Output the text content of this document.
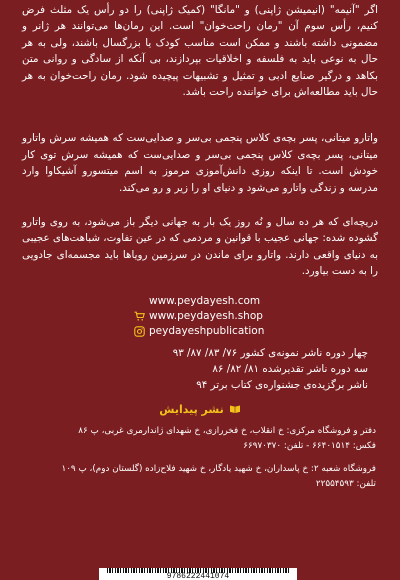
اگر "آنیمه" (انیمیشن ژاپنی) و "مانگا" (کمیک ژاپنی) را دو رأس یک مثلث فرض کنیم، رأس سوم آن "رمان راحت‌خوان" است. این رمان‌ها می‌توانند هر ژانر و مضمونی داشته باشند و ممکن است مناسب کودک یا بزرگسال باشند، ولی به هر حال به نوعی باید به فلسفه و اخلاقیات بپردازند، بی آنکه از سادگی و روانی متن بکاهد و درگیر صنایع ادبی و تمثیل و تشبیهات پیچیده شود. رمان راحت‌خوان به هر حال باید مطالعه‌اش برای خواننده راحت باشد.

واتارو میتانی، پسر بچه‌ی کلاس پنجمی بی‌سر و صدایی‌ست که همیشه سرش واتارو میتانی، پسر بچه‌ی کلاس پنجمی بی‌سر و صدایی‌ست که همیشه سرش توی کار خودش است. تا اینکه روزی دانش‌آموزی مرموز به اسم میتسورو آشیکاوا وارد مدرسه و زندگی واتارو می‌شود و دنیای او را زیر و رو می‌کند.

دریچه‌ای که هر ده سال و نُه روز یک بار به جهانی دیگر باز می‌شود، به روی واتارو گشوده شده: جهانی عجیب با قوانین و مردمی که در عین تفاوت، شباهت‌های عجیبی به دنیای واقعی دارند. واتارو برای ماندن در سرزمین رویاها باید مجسمه‌ای جادویی را به دست بیاورد.

www.peydayesh.com
www.peydayesh.shop
peydayeshpublication
چهار دوره ناشر نمونه‌ی کشور ۷۶/ ۸۳/ ۸۷/ ۹۳
سه دوره ناشر تقدیرشده ۸۱/ ۸۲/ ۸۶
ناشر برگزیده‌ی جشنواره‌ی کتاب برتر ۹۴
نشر پیدایش
دفتر و فروشگاه مرکزی: خ انقلاب، خ فخررازی، خ شهدای ژاندارمری غربی، پ ۸۶
فکس: ۶۶۴۰۱۵۱۴ - تلفن: ۶۶۹۷۰۳۷۰
فروشگاه شعبه ۲: خ پاسداران، خ شهید یادگار، خ شهید فلاح‌زاده (گلستان دوم)، پ ۱۰۹
تلفن: ۲۲۵۵۴۵۹۳
9786222441074
